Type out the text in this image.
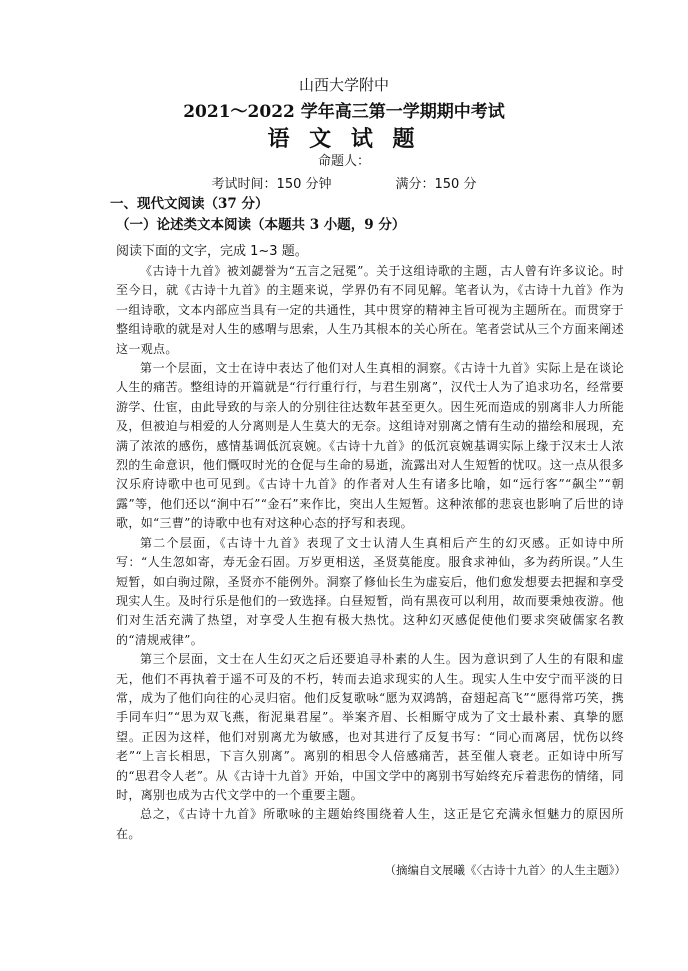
山西大学附中
2021～2022 学年高三第一学期期中考试
语 文 试 题
命题人：
考试时间：150 分钟	满分：150 分
一、现代文阅读（37 分）
（一）论述类文本阅读（本题共 3 小题，9 分）
阅读下面的文字，完成 1~3 题。

《古诗十九首》被刘勰誉为“五言之冠冕”。关于这组诗歌的主题，古人曾有许多议论。时至今日，就《古诗十九首》的主题来说，学界仍有不同见解。笔者认为，《古诗十九首》作为一组诗歌，文本内部应当具有一定的共通性，其中贯穿的精神主旨可视为主题所在。而贯穿于整组诗歌的就是对人生的感喟与思索，人生乃其根本的关心所在。笔者尝试从三个方面来阐述这一观点。

第一个层面，文士在诗中表达了他们对人生真相的洞察。《古诗十九首》实际上是在谈论人生的痛苦。整组诗的开篇就是“行行重行行，与君生别离”，汉代士人为了追求功名，经常要游学、仕宦，由此导致的与亲人的分别往往达数年甚至更久。因生死而造成的别离非人力所能及，但被迫与相爱的人分离则是人生莫大的无奈。这组诗对别离之情有生动的描绘和展现，充满了浓浓的感伤，感情基调低沉哀婉。《古诗十九首》的低沉哀婉基调实际上缘于汉末士人浓烈的生命意识，他们慨叹时光的仓促与生命的易逝，流露出对人生短暂的忧叹。这一点从很多汉乐府诗歌中也可见到。《古诗十九首》的作者对人生有诸多比喻，如“远行客”“飙尘”“朝露”等，他们还以“涧中石”“金石”来作比，突出人生短暂。这种浓郁的悲哀也影响了后世的诗歌，如“三曹”的诗歌中也有对这种心态的抒写和表现。

第二个层面，《古诗十九首》表现了文士认清人生真相后产生的幻灭感。正如诗中所写：“人生忽如寄，寿无金石固。万岁更相送，圣贤莫能度。服食求神仙，多为药所误。”人生短暂，如白驹过隙，圣贤亦不能例外。洞察了修仙长生为虚妄后，他们愈发想要去把握和享受现实人生。及时行乐是他们的一致选择。白昼短暂，尚有黑夜可以利用，故而要秉烛夜游。他们对生活充满了热望，对享受人生抱有极大热忱。这种幻灭感促使他们要求突破儒家名教的“清规戒律”。

第三个层面，文士在人生幻灭之后还要追寻朴素的人生。因为意识到了人生的有限和虚无，他们不再执着于遥不可及的不朽，转而去追求现实的人生。现实人生中安宁而平淡的日常，成为了他们向往的心灵归宿。他们反复歌咏“愿为双鸿鹄，奋翅起高飞”“愿得常巧笑，携手同车归”“思为双飞燕，衔泥巢君屋”。举案齐眉、长相厮守成为了文士最朴素、真挚的愿望。正因为这样，他们对别离尤为敏感，也对其进行了反复书写：“同心而离居，忧伤以终老”“上言长相思，下言久别离”。离别的相思令人倍感痛苦，甚至催人衰老。正如诗中所写的“思君令人老”。从《古诗十九首》开始，中国文学中的离别书写始终充斥着悲伤的情绪，同时，离别也成为古代文学中的一个重要主题。

总之，《古诗十九首》所歌咏的主题始终围绕着人生，这正是它充满永恒魅力的原因所在。

（摘编自文展曦《〈古诗十九首〉的人生主题》）
